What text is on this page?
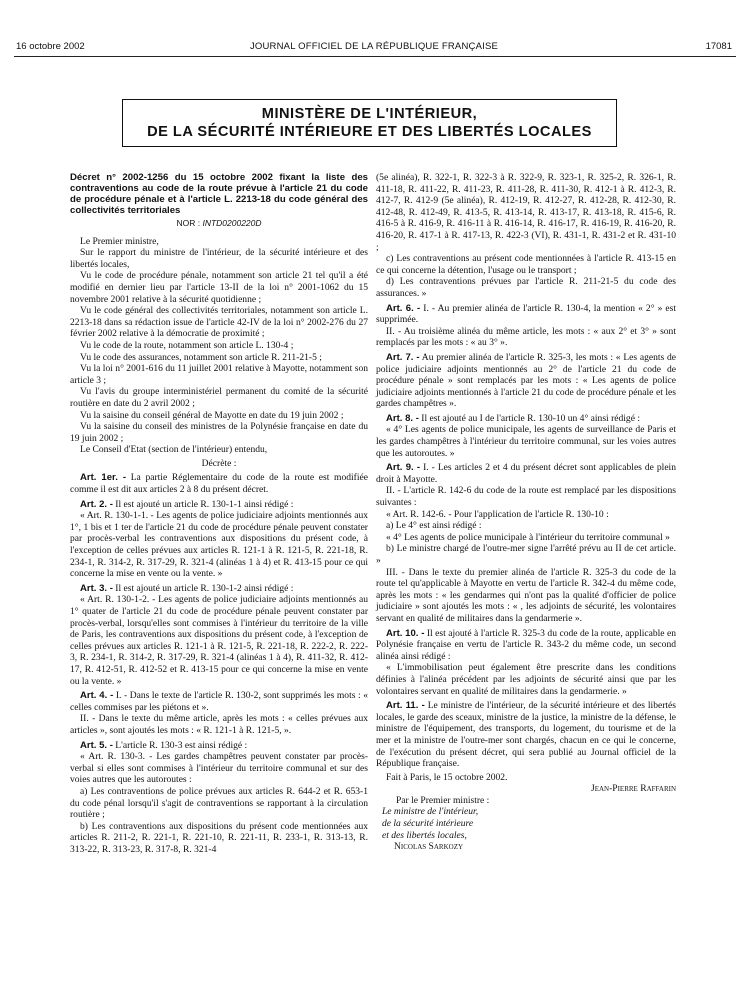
16 octobre 2002	JOURNAL OFFICIEL DE LA RÉPUBLIQUE FRANÇAISE	17081
MINISTÈRE DE L'INTÉRIEUR,
DE LA SÉCURITÉ INTÉRIEURE ET DES LIBERTÉS LOCALES

Décret n° 2002-1256 du 15 octobre 2002 fixant la liste des contraventions au code de la route prévue à l'article 21 du code de procédure pénale et à l'article L. 2213-18 du code général des collectivités territoriales

NOR : INTD0200220D

Le Premier ministre,

Sur le rapport du ministre de l'intérieur, de la sécurité intérieure et des libertés locales,

Vu le code de procédure pénale, notamment son article 21 tel qu'il a été modifié en dernier lieu par l'article 13-II de la loi n° 2001-1062 du 15 novembre 2001 relative à la sécurité quotidienne ;

Vu le code général des collectivités territoriales, notamment son article L. 2213-18 dans sa rédaction issue de l'article 42-IV de la loi n° 2002-276 du 27 février 2002 relative à la démocratie de proximité ;

Vu le code de la route, notamment son article L. 130-4 ;

Vu le code des assurances, notamment son article R. 211-21-5 ;

Vu la loi n° 2001-616 du 11 juillet 2001 relative à Mayotte, notamment son article 3 ;

Vu l'avis du groupe interministériel permanent du comité de la sécurité routière en date du 2 avril 2002 ;

Vu la saisine du conseil général de Mayotte en date du 19 juin 2002 ;

Vu la saisine du conseil des ministres de la Polynésie française en date du 19 juin 2002 ;

Le Conseil d'Etat (section de l'intérieur) entendu,

Décrète :

Art. 1er. - La partie Réglementaire du code de la route est modifiée comme il est dit aux articles 2 à 8 du présent décret.

Art. 2. - Il est ajouté un article R. 130-1-1 ainsi rédigé :

« Art. R. 130-1-1. - Les agents de police judiciaire adjoints mentionnés aux 1°, 1 bis et 1 ter de l'article 21 du code de procédure pénale peuvent constater par procès-verbal les contraventions aux dispositions du présent code, à l'exception de celles prévues aux articles R. 121-1 à R. 121-5, R. 221-18, R. 234-1, R. 314-2, R. 317-29, R. 321-4 (alinéas 1 à 4) et R. 413-15 pour ce qui concerne la mise en vente ou la vente. »

Art. 3. - Il est ajouté un article R. 130-1-2 ainsi rédigé :

« Art. R. 130-1-2. - Les agents de police judiciaire adjoints mentionnés au 1° quater de l'article 21 du code de procédure pénale peuvent constater par procès-verbal, lorsqu'elles sont commises à l'intérieur du territoire de la ville de Paris, les contraventions aux dispositions du présent code, à l'exception de celles prévues aux articles R. 121-1 à R. 121-5, R. 221-18, R. 222-2, R. 222-3, R. 234-1, R. 314-2, R. 317-29, R. 321-4 (alinéas 1 à 4), R. 411-32, R. 412-17, R. 412-51, R. 412-52 et R. 413-15 pour ce qui concerne la mise en vente ou la vente. »

Art. 4. - I. - Dans le texte de l'article R. 130-2, sont supprimés les mots : « celles commises par les piétons et ».

II. - Dans le texte du même article, après les mots : « celles prévues aux articles », sont ajoutés les mots : « R. 121-1 à R. 121-5, ».

Art. 5. - L'article R. 130-3 est ainsi rédigé :

« Art. R. 130-3. - Les gardes champêtres peuvent constater par procès-verbal si elles sont commises à l'intérieur du territoire communal et sur des voies autres que les autoroutes :

a) Les contraventions de police prévues aux articles R. 644-2 et R. 653-1 du code pénal lorsqu'il s'agit de contraventions se rapportant à la circulation routière ;

b) Les contraventions aux dispositions du présent code mentionnées aux articles R. 211-2, R. 221-1, R. 221-10, R. 221-11, R. 233-1, R. 313-13, R. 313-22, R. 313-23, R. 317-8, R. 321-4

(5e alinéa), R. 322-1, R. 322-3 à R. 322-9, R. 323-1, R. 325-2, R. 326-1, R. 411-18, R. 411-22, R. 411-23, R. 411-28, R. 411-30, R. 412-1 à R. 412-3, R. 412-7, R. 412-9 (5e alinéa), R. 412-19, R. 412-27, R. 412-28, R. 412-30, R. 412-48, R. 412-49, R. 413-5, R. 413-14, R. 413-17, R. 413-18, R. 415-6, R. 416-5 à R. 416-9, R. 416-11 à R. 416-14, R. 416-17, R. 416-19, R. 416-20, R. 416-20, R. 417-1 à R. 417-13, R. 422-3 (VI), R. 431-1, R. 431-2 et R. 431-10 ;

c) Les contraventions au présent code mentionnées à l'article R. 413-15 en ce qui concerne la détention, l'usage ou le transport ;

d) Les contraventions prévues par l'article R. 211-21-5 du code des assurances. »

Art. 6. - I. - Au premier alinéa de l'article R. 130-4, la mention « 2° » est supprimée.

II. - Au troisième alinéa du même article, les mots : « aux 2° et 3° » sont remplacés par les mots : « au 3° ».

Art. 7. - Au premier alinéa de l'article R. 325-3, les mots : « Les agents de police judiciaire adjoints mentionnés au 2° de l'article 21 du code de procédure pénale » sont remplacés par les mots : « Les agents de police judiciaire adjoints mentionnés à l'article 21 du code de procédure pénale et les gardes champêtres ».

Art. 8. - Il est ajouté au I de l'article R. 130-10 un 4° ainsi rédigé :

« 4° Les agents de police municipale, les agents de surveillance de Paris et les gardes champêtres à l'intérieur du territoire communal, sur les voies autres que les autoroutes. »

Art. 9. - I. - Les articles 2 et 4 du présent décret sont applicables de plein droit à Mayotte.

II. - L'article R. 142-6 du code de la route est remplacé par les dispositions suivantes :

« Art. R. 142-6. - Pour l'application de l'article R. 130-10 :

a) Le 4° est ainsi rédigé :

« 4° Les agents de police municipale à l'intérieur du territoire communal »

b) Le ministre chargé de l'outre-mer signe l'arrêté prévu au II de cet article. »

III. - Dans le texte du premier alinéa de l'article R. 325-3 du code de la route tel qu'applicable à Mayotte en vertu de l'article R. 342-4 du même code, après les mots : « les gendarmes qui n'ont pas la qualité d'officier de police judiciaire » sont ajoutés les mots : « , les adjoints de sécurité, les volontaires servant en qualité de militaires dans la gendarmerie ».

Art. 10. - Il est ajouté à l'article R. 325-3 du code de la route, applicable en Polynésie française en vertu de l'article R. 343-2 du même code, un second alinéa ainsi rédigé :

« L'immobilisation peut également être prescrite dans les conditions définies à l'alinéa précédent par les adjoints de sécurité ainsi que par les volontaires servant en qualité de militaires dans la gendarmerie. »

Art. 11. - Le ministre de l'intérieur, de la sécurité intérieure et des libertés locales, le garde des sceaux, ministre de la justice, la ministre de la défense, le ministre de l'équipement, des transports, du logement, du tourisme et de la mer et la ministre de l'outre-mer sont chargés, chacun en ce qui le concerne, de l'exécution du présent décret, qui sera publié au Journal officiel de la République française.

Fait à Paris, le 15 octobre 2002.

Jean-Pierre Raffarin

Par le Premier ministre :

Le ministre de l'intérieur,

de la sécurité intérieure

et des libertés locales,

Nicolas Sarkozy
